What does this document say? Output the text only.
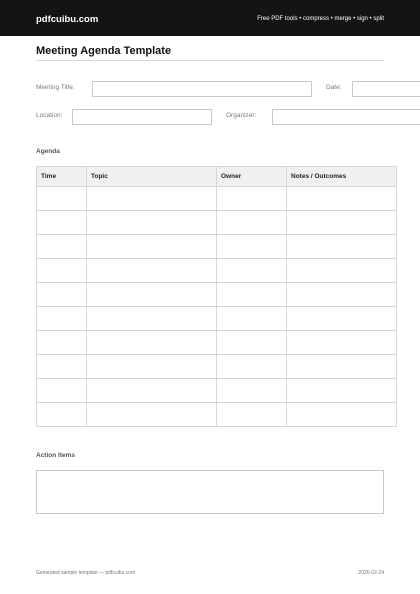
pdfcuibu.com	Free PDF tools • compress • merge • sign • split
Meeting Agenda Template
Meeting Title:	Date:
Location:	Organizer:
Agenda
Time	Topic	Owner	Notes / Outcomes

Action Items
Generated sample template — pdfcuibu.com	2026-02-24
